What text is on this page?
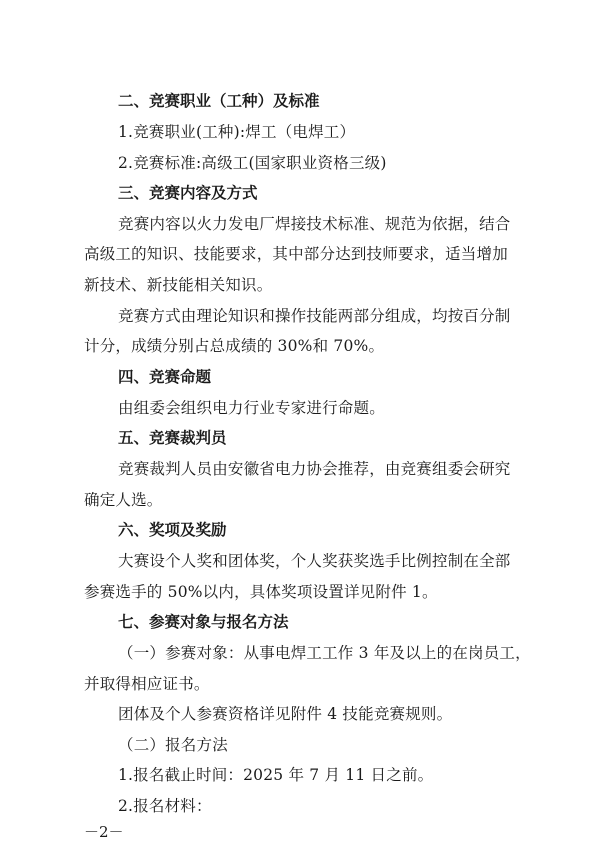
二、竞赛职业（工种）及标准
1.竞赛职业(工种):焊工（电焊工）
2.竞赛标准:高级工(国家职业资格三级)
三、竞赛内容及方式
竞赛内容以火力发电厂焊接技术标准、规范为依据，结合
高级工的知识、技能要求，其中部分达到技师要求，适当增加
新技术、新技能相关知识。
竞赛方式由理论知识和操作技能两部分组成，均按百分制
计分，成绩分别占总成绩的 30%和 70%。
四、竞赛命题
由组委会组织电力行业专家进行命题。
五、竞赛裁判员
竞赛裁判人员由安徽省电力协会推荐，由竞赛组委会研究
确定人选。
六、奖项及奖励
大赛设个人奖和团体奖，个人奖获奖选手比例控制在全部
参赛选手的 50%以内，具体奖项设置详见附件 1。
七、参赛对象与报名方法
（一）参赛对象：从事电焊工工作 3 年及以上的在岗员工，
并取得相应证书。
团体及个人参赛资格详见附件 4 技能竞赛规则。
（二）报名方法
1.报名截止时间：2025 年 7 月 11 日之前。
2.报名材料：
－2－
